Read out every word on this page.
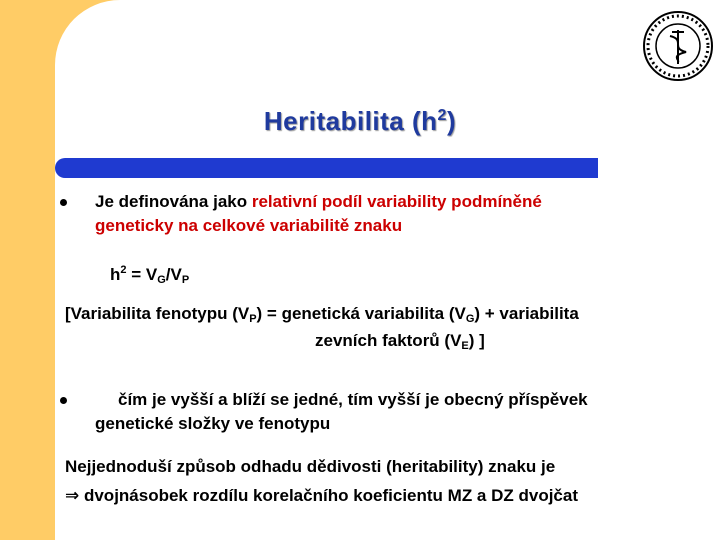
Heritabilita $(h^2)$

Je definována jako relativní podíl variability podmíněné

geneticky na celkové variabilitě znaku

$h^2 = V_G/V_P$

[Variabilita fenotypu $(V_P)$ = genetická variabilita $(V_G)$ + variabilita

zevních faktorů $(V_E)$ ]

čím je vyšší a blíží se jedné, tím vyšší je obecný příspěvek

genetické složky ve fenotypu

Nejjednoduší způsob odhadu dědivosti (heritability) znaku je

⇒ dvojnásobek rozdílu korelačního koeficientu MZ a DZ dvojčat
